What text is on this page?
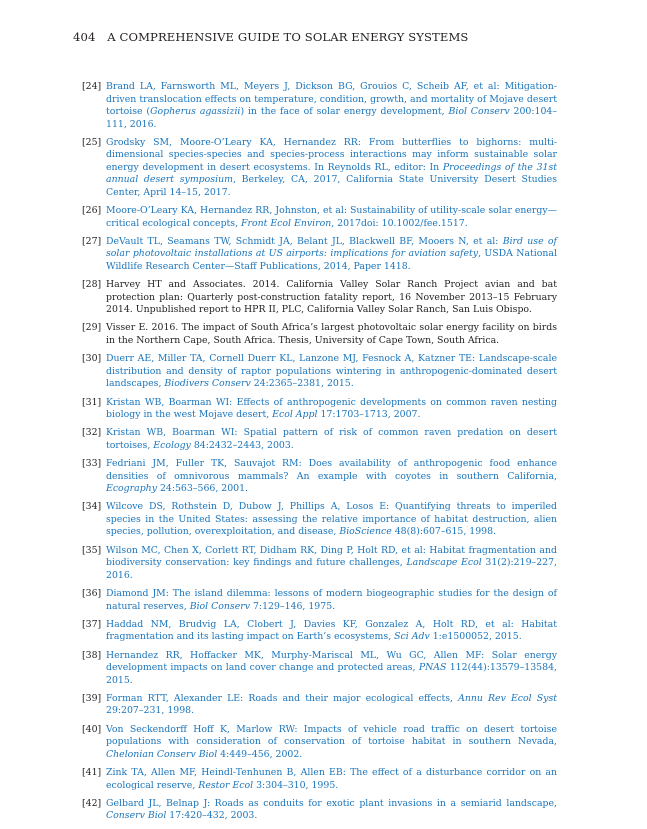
404 A COMPREHENSIVE GUIDE TO SOLAR ENERGY SYSTEMS
[24] Brand LA, Farnsworth ML, Meyers J, Dickson BG, Grouios C, Scheib AF, et al: Mitigation-driven translocation effects on temperature, condition, growth, and mortality of Mojave desert tortoise (Gopherus agassizii) in the face of solar energy development, Biol Conserv 200:104–111, 2016.
[25] Grodsky SM, Moore-O’Leary KA, Hernandez RR: From butterflies to bighorns: multi-dimensional species-species and species-process interactions may inform sustainable solar energy development in desert ecosystems. In Reynolds RL, editor: In Proceedings of the 31st annual desert symposium, Berkeley, CA, 2017, California State University Desert Studies Center, April 14–15, 2017.
[26] Moore-O’Leary KA, Hernandez RR, Johnston, et al: Sustainability of utility-scale solar energy—critical ecological concepts, Front Ecol Environ, 2017doi: 10.1002/fee.1517.
[27] DeVault TL, Seamans TW, Schmidt JA, Belant JL, Blackwell BF, Mooers N, et al: Bird use of solar photovoltaic installations at US airports: implications for aviation safety, USDA National Wildlife Research Center—Staff Publications, 2014, Paper 1418.
[28] Harvey HT and Associates. 2014. California Valley Solar Ranch Project avian and bat protection plan: Quarterly post-construction fatality report, 16 November 2013–15 February 2014. Unpublished report to HPR II, PLC, California Valley Solar Ranch, San Luis Obispo.
[29] Visser E. 2016. The impact of South Africa’s largest photovoltaic solar energy facility on birds in the Northern Cape, South Africa. Thesis, University of Cape Town, South Africa.
[30] Duerr AE, Miller TA, Cornell Duerr KL, Lanzone MJ, Fesnock A, Katzner TE: Landscape-scale distribution and density of raptor populations wintering in anthropogenic-dominated desert landscapes, Biodivers Conserv 24:2365–2381, 2015.
[31] Kristan WB, Boarman WI: Effects of anthropogenic developments on common raven nesting biology in the west Mojave desert, Ecol Appl 17:1703–1713, 2007.
[32] Kristan WB, Boarman WI: Spatial pattern of risk of common raven predation on desert tortoises, Ecology 84:2432–2443, 2003.
[33] Fedriani JM, Fuller TK, Sauvajot RM: Does availability of anthropogenic food enhance densities of omnivorous mammals? An example with coyotes in southern California, Ecography 24:563–566, 2001.
[34] Wilcove DS, Rothstein D, Dubow J, Phillips A, Losos E: Quantifying threats to imperiled species in the United States: assessing the relative importance of habitat destruction, alien species, pollution, overexploitation, and disease, BioScience 48(8):607–615, 1998.
[35] Wilson MC, Chen X, Corlett RT, Didham RK, Ding P, Holt RD, et al: Habitat fragmentation and biodiversity conservation: key findings and future challenges, Landscape Ecol 31(2):219–227, 2016.
[36] Diamond JM: The island dilemma: lessons of modern biogeographic studies for the design of natural reserves, Biol Conserv 7:129–146, 1975.
[37] Haddad NM, Brudvig LA, Clobert J, Davies KF, Gonzalez A, Holt RD, et al: Habitat fragmentation and its lasting impact on Earth’s ecosystems, Sci Adv 1:e1500052, 2015.
[38] Hernandez RR, Hoffacker MK, Murphy-Mariscal ML, Wu GC, Allen MF: Solar energy development impacts on land cover change and protected areas, PNAS 112(44):13579–13584, 2015.
[39] Forman RTT, Alexander LE: Roads and their major ecological effects, Annu Rev Ecol Syst 29:207–231, 1998.
[40] Von Seckendorff Hoff K, Marlow RW: Impacts of vehicle road traffic on desert tortoise populations with consideration of conservation of tortoise habitat in southern Nevada, Chelonian Conserv Biol 4:449–456, 2002.
[41] Zink TA, Allen MF, Heindl-Tenhunen B, Allen EB: The effect of a disturbance corridor on an ecological reserve, Restor Ecol 3:304–310, 1995.
[42] Gelbard JL, Belnap J: Roads as conduits for exotic plant invasions in a semiarid landscape, Conserv Biol 17:420–432, 2003.
